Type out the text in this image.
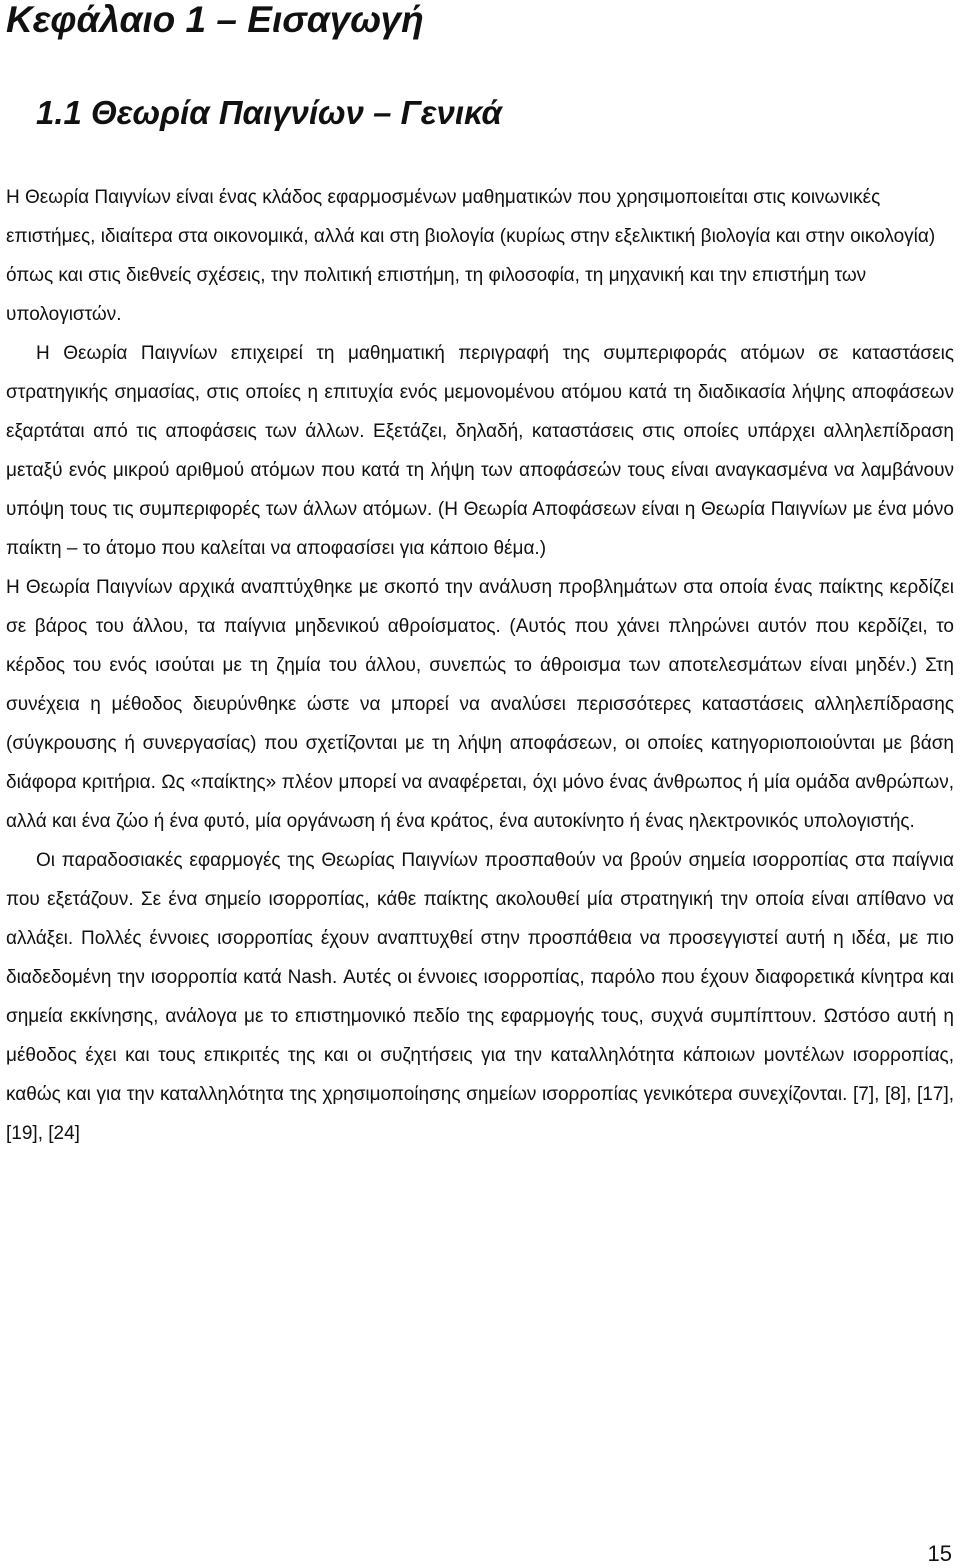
Κεφάλαιο 1 – Εισαγωγή
1.1 Θεωρία Παιγνίων – Γενικά

Η Θεωρία Παιγνίων είναι ένας κλάδος εφαρμοσμένων μαθηματικών που χρησιμοποιείται στις κοινωνικές επιστήμες, ιδιαίτερα στα οικονομικά, αλλά και στη βιολογία (κυρίως στην εξελικτική βιολογία και στην οικολογία) όπως και στις διεθνείς σχέσεις, την πολιτική επιστήμη, τη φιλοσοφία, τη μηχανική και την επιστήμη των υπολογιστών.

Η Θεωρία Παιγνίων επιχειρεί τη μαθηματική περιγραφή της συμπεριφοράς ατόμων σε καταστάσεις στρατηγικής σημασίας, στις οποίες η επιτυχία ενός μεμονομένου ατόμου κατά τη διαδικασία λήψης αποφάσεων εξαρτάται από τις αποφάσεις των άλλων. Εξετάζει, δηλαδή, καταστάσεις στις οποίες υπάρχει αλληλεπίδραση μεταξύ ενός μικρού αριθμού ατόμων που κατά τη λήψη των αποφάσεών τους είναι αναγκασμένα να λαμβάνουν υπόψη τους τις συμπεριφορές των άλλων ατόμων. (Η Θεωρία Αποφάσεων είναι η Θεωρία Παιγνίων με ένα μόνο παίκτη – το άτομο που καλείται να αποφασίσει για κάποιο θέμα.)

Η Θεωρία Παιγνίων αρχικά αναπτύχθηκε με σκοπό την ανάλυση προβλημάτων στα οποία ένας παίκτης κερδίζει σε βάρος του άλλου, τα παίγνια μηδενικού αθροίσματος. (Αυτός που χάνει πληρώνει αυτόν που κερδίζει, το κέρδος του ενός ισούται με τη ζημία του άλλου, συνεπώς το άθροισμα των αποτελεσμάτων είναι μηδέν.) Στη συνέχεια η μέθοδος διευρύνθηκε ώστε να μπορεί να αναλύσει περισσότερες καταστάσεις αλληλεπίδρασης (σύγκρουσης ή συνεργασίας) που σχετίζονται με τη λήψη αποφάσεων, οι οποίες κατηγοριοποιούνται με βάση διάφορα κριτήρια. Ως «παίκτης» πλέον μπορεί να αναφέρεται, όχι μόνο ένας άνθρωπος ή μία ομάδα ανθρώπων, αλλά και ένα ζώο ή ένα φυτό, μία οργάνωση ή ένα κράτος, ένα αυτοκίνητο ή ένας ηλεκτρονικός υπολογιστής.

Οι παραδοσιακές εφαρμογές της Θεωρίας Παιγνίων προσπαθούν να βρούν σημεία ισορροπίας στα παίγνια που εξετάζουν. Σε ένα σημείο ισορροπίας, κάθε παίκτης ακολουθεί μία στρατηγική την οποία είναι απίθανο να αλλάξει. Πολλές έννοιες ισορροπίας έχουν αναπτυχθεί στην προσπάθεια να προσεγγιστεί αυτή η ιδέα, με πιο διαδεδομένη την ισορροπία κατά Nash. Αυτές οι έννοιες ισορροπίας, παρόλο που έχουν διαφορετικά κίνητρα και σημεία εκκίνησης, ανάλογα με το επιστημονικό πεδίο της εφαρμογής τους, συχνά συμπίπτουν. Ωστόσο αυτή η μέθοδος έχει και τους επικριτές της και οι συζητήσεις για την καταλληλότητα κάποιων μοντέλων ισορροπίας, καθώς και για την καταλληλότητα της χρησιμοποίησης σημείων ισορροπίας γενικότερα συνεχίζονται. [7], [8], [17], [19], [24]

15
